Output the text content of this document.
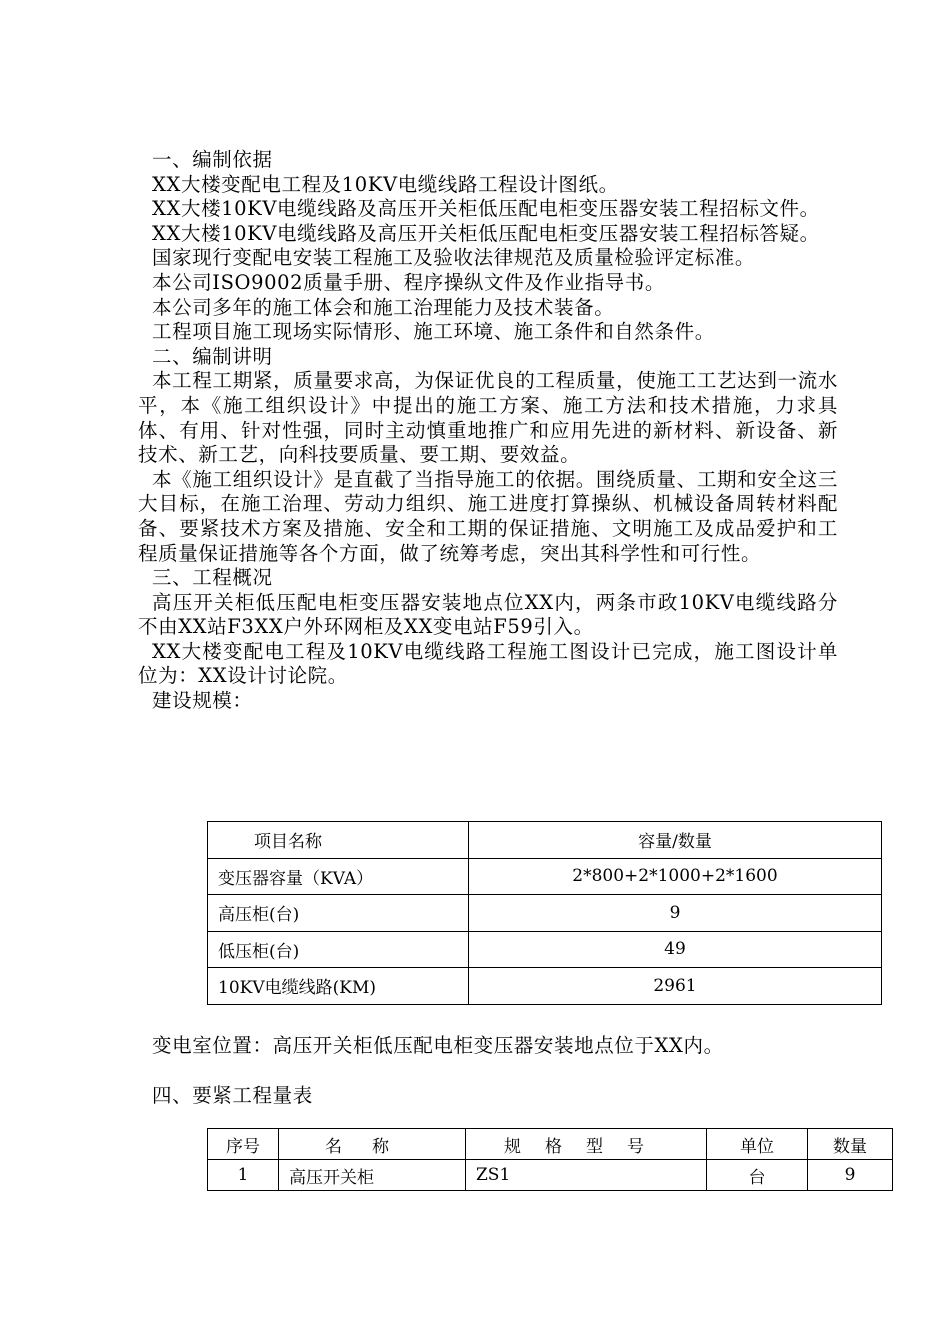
一、编制依据

XX大楼变配电工程及10KV电缆线路工程设计图纸。

XX大楼10KV电缆线路及高压开关柜低压配电柜变压器安装工程招标文件。

XX大楼10KV电缆线路及高压开关柜低压配电柜变压器安装工程招标答疑。

国家现行变配电安装工程施工及验收法律规范及质量检验评定标准。

本公司ISO9002质量手册、程序操纵文件及作业指导书。

本公司多年的施工体会和施工治理能力及技术装备。

工程项目施工现场实际情形、施工环境、施工条件和自然条件。

二、编制讲明

本工程工期紧，质量要求高，为保证优良的工程质量，使施工工艺达到一流水平，本《施工组织设计》中提出的施工方案、施工方法和技术措施，力求具体、有用、针对性强，同时主动慎重地推广和应用先进的新材料、新设备、新技术、新工艺，向科技要质量、要工期、要效益。

本《施工组织设计》是直截了当指导施工的依据。围绕质量、工期和安全这三大目标，在施工治理、劳动力组织、施工进度打算操纵、机械设备周转材料配备、要紧技术方案及措施、安全和工期的保证措施、文明施工及成品爱护和工程质量保证措施等各个方面，做了统筹考虑，突出其科学性和可行性。

三、工程概况

高压开关柜低压配电柜变压器安装地点位XX内，两条市政10KV电缆线路分不由XX站F3XX户外环网柜及XX变电站F59引入。

XX大楼变配电工程及10KV电缆线路工程施工图设计已完成，施工图设计单位为：XX设计讨论院。

建设规模：

项目名称	容量/数量
变压器容量（KVA）	2*800+2*1000+2*1600
高压柜(台)	9
低压柜(台)	49
10KV电缆线路(KM)	2961

变电室位置：高压开关柜低压配电柜变压器安装地点位于XX内。

四、要紧工程量表

序号	名称	规格型号	单位	数量
1	高压开关柜	ZS1	台	9
